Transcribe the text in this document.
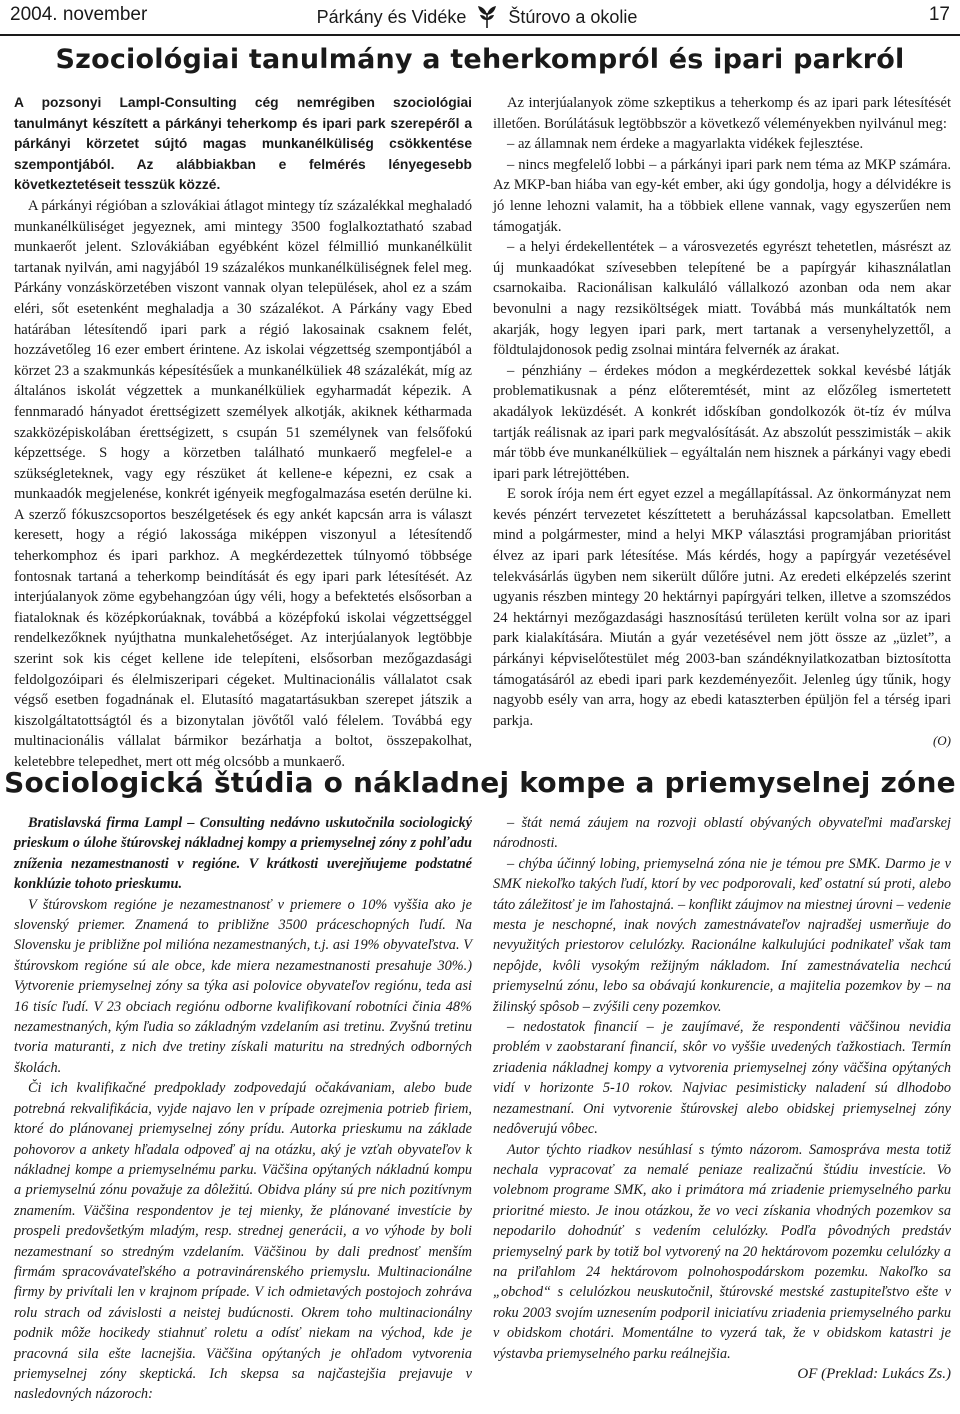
2004. november	Párkány és Vidéke Štúrovo a okolie	17
Szociológiai tanulmány a teherkompról és ipari parkról

A pozsonyi Lampl-Consulting cég nemrégiben szociológiai tanulmányt készített a párkányi teherkomp és ipari park szerepéről a párkányi körzetet sújtó magas munkanélküliség csökkentése szempontjából. Az alábbiakban e felmérés lényegesebb következtetéseit tesszük közzé.

A párkányi régióban a szlovákiai átlagot mintegy tíz százalékkal meghaladó munkanélküliséget jegyeznek, ami mintegy 3500 foglalkoztatható szabad munkaerőt jelent. Szlovákiában egyébként közel félmillió munkanélkülit tartanak nyilván, ami nagyjából 19 százalékos munkanélküliségnek felel meg. Párkány vonzáskörzetében viszont vannak olyan települések, ahol ez a szám eléri, sőt esetenként meghaladja a 30 százalékot. A Párkány vagy Ebed határában létesítendő ipari park a régió lakosainak csaknem felét, hozzávetőleg 16 ezer embert érintene. Az iskolai végzettség szempontjából a körzet 23 a szakmunkás képesítésűek a munkanélküliek 48 százalékát, míg az általános iskolát végzettek a munkanélküliek egyharmadát képezik. A fennmaradó hányadot érettségizett személyek alkotják, akiknek kétharmada szakközépiskolában érettségizett, s csupán 51 személynek van felsőfokú képzettsége. S hogy a körzetben található munkaerő megfelel-e a szükségleteknek, vagy egy részüket át kellene-e képezni, ez csak a munkaadók megjelenése, konkrét igényeik megfogalmazása esetén derülne ki. A szerző fókuszcsoportos beszélgetések és egy ankét kapcsán arra is választ keresett, hogy a régió lakossága miképpen viszonyul a létesítendő teherkomphoz és ipari parkhoz. A megkérdezettek túlnyomó többsége fontosnak tartaná a teherkomp beindítását és egy ipari park létesítését. Az interjúalanyok zöme egybehangzóan úgy véli, hogy a befektetés elsősorban a fiataloknak és középkorúaknak, továbbá a középfokú iskolai végzettséggel rendelkezőknek nyújthatna munkalehetőséget. Az interjúalanyok legtöbbje szerint sok kis céget kellene ide telepíteni, elsősorban mezőgazdasági feldolgozóipari és élelmiszeripari cégeket. Multinacionális vállalatot csak végső esetben fogadnának el. Elutasító magatartásukban szerepet játszik a kiszolgáltatottságtól és a bizonytalan jövőtől való félelem. Továbbá egy multinacionális vállalat bármikor bezárhatja a boltot, összepakolhat, keletebbre telepedhet, mert ott még olcsóbb a munkaerő.

Az interjúalanyok zöme szkeptikus a teherkomp és az ipari park létesítését illetően. Borúlátásuk legtöbbször a következő véleményekben nyilvánul meg:

– az államnak nem érdeke a magyarlakta vidékek fejlesztése.

– nincs megfelelő lobbi – a párkányi ipari park nem téma az MKP számára. Az MKP-ban hiába van egy-két ember, aki úgy gondolja, hogy a délvidékre is jó lenne lehozni valamit, ha a többiek ellene vannak, vagy egyszerűen nem támogatják.

– a helyi érdekellentétek – a városvezetés egyrészt tehetetlen, másrészt az új munkaadókat szívesebben telepítené be a papírgyár kihasználatlan csarnokaiba. Racionálisan kalkuláló vállalkozó azonban oda nem akar bevonulni a nagy rezsiköltségek miatt. Továbbá más munkáltatók nem akarják, hogy legyen ipari park, mert tartanak a versenyhelyzettől, a földtulajdonosok pedig zsolnai mintára felvernék az árakat.

– pénzhiány – érdekes módon a megkérdezettek sokkal kevésbé látják problematikusnak a pénz előteremtését, mint az előzőleg ismertetett akadályok leküzdését. A konkrét időskíban gondolkozók öt-tíz év múlva tartják reálisnak az ipari park megvalósítását. Az abszolút pesszimisták – akik már több éve munkanélküliek – egyáltalán nem hisznek a párkányi vagy ebedi ipari park létrejöttében.

E sorok írója nem ért egyet ezzel a megállapítással. Az önkormányzat nem kevés pénzért tervezetet készíttetett a beruházással kapcsolatban. Emellett mind a polgármester, mind a helyi MKP választási programjában prioritást élvez az ipari park létesítése. Más kérdés, hogy a papírgyár vezetésével telekvásárlás ügyben nem sikerült dűlőre jutni. Az eredeti elképzelés szerint ugyanis részben mintegy 20 hektárnyi papírgyári telken, illetve a szomszédos 24 hektárnyi mezőgazdasági hasznosítású területen került volna sor az ipari park kialakítására. Miután a gyár vezetésével nem jött össze az „üzlet”, a párkányi képviselőtestület még 2003-ban szándéknyilatkozatban biztosította támogatásáról az ebedi ipari park kezdeményezőit. Jelenleg úgy tűnik, hogy nagyobb esély van arra, hogy az ebedi kataszterben épüljön fel a térség ipari parkja.

(O)

Sociologická štúdia o nákladnej kompe a priemyselnej zóne

Bratislavská firma Lampl – Consulting nedávno uskutočnila sociologický prieskum o úlohe štúrovskej nákladnej kompy a priemyselnej zóny z pohľadu zníženia nezamestnanosti v regióne. V krátkosti uverejňujeme podstatné konklúzie tohoto prieskumu.

V štúrovskom regióne je nezamestnanosť v priemere o 10% vyššia ako je slovenský priemer. Znamená to približne 3500 práceschopných ľudí. Na Slovensku je približne pol milióna nezamestnaných, t.j. asi 19% obyvateľstva. V štúrovskom regióne sú ale obce, kde miera nezamestnanosti presahuje 30%.) Vytvorenie priemyselnej zóny sa týka asi polovice obyvateľov regiónu, teda asi 16 tisíc ľudí. V 23 obciach regiónu odborne kvalifikovaní robotníci činia 48% nezamestnaných, kým ľudia so základným vzdelaním asi tretinu. Zvyšnú tretinu tvoria maturanti, z nich dve tretiny získali maturitu na stredných odborných školách.

Či ich kvalifikačné predpoklady zodpovedajú očakávaniam, alebo bude potrebná rekvalifikácia, vyjde najavo len v prípade ozrejmenia potrieb firiem, ktoré do plánovanej priemyselnej zóny prídu. Autorka prieskumu na základe pohovorov a ankety hľadala odpoveď aj na otázku, aký je vzťah obyvateľov k nákladnej kompe a priemyselnému parku. Väčšina opýtaných nákladnú kompu a priemyselnú zónu považuje za dôležitú. Obidva plány sú pre nich pozitívnym znamením. Väčšina respondentov je tej mienky, že plánované investície by prospeli predovšetkým mladým, resp. strednej generácii, a vo výhode by boli nezamestnaní so stredným vzdelaním. Väčšinou by dali prednosť menším firmám spracovávateľského a potravinárenského priemyslu. Multinacionálne firmy by privítali len v krajnom prípade. V ich odmietavých postojoch zohráva rolu strach od závislosti a neistej budúcnosti. Okrem toho multinacionálny podnik môže hocikedy stiahnuť roletu a odísť niekam na východ, kde je pracovná sila ešte lacnejšia. Väčšina opýtaných je ohľadom vytvorenia priemyselnej zóny skeptická. Ich skepsa sa najčastejšia prejavuje v nasledovných názoroch:

– štát nemá záujem na rozvoji oblastí obývaných obyvateľmi maďarskej národnosti.

– chýba účinný lobing, priemyselná zóna nie je témou pre SMK. Darmo je v SMK niekoľko takých ľudí, ktorí by vec podporovali, keď ostatní sú proti, alebo táto záležitosť je im ľahostajná. – konflikt záujmov na miestnej úrovni – vedenie mesta je neschopné, inak nových zamestnávateľov najradšej usmerňuje do nevyužitých priestorov celulózky. Racionálne kalkulujúci podnikateľ však tam nepôjde, kvôli vysokým režijným nákladom. Iní zamestnávatelia nechcú priemyselnú zónu, lebo sa obávajú konkurencie, a majitelia pozemkov by – na žilinský spôsob – zvýšili ceny pozemkov.

– nedostatok financií – je zaujímavé, že respondenti väčšinou nevidia problém v zaobstaraní financií, skôr vo vyššie uvedených ťažkostiach. Termín zriadenia nákladnej kompy a vytvorenia priemyselnej zóny väčšina opýtaných vidí v horizonte 5-10 rokov. Najviac pesimisticky naladení sú dlhodobo nezamestnaní. Oni vytvorenie štúrovskej alebo obidskej priemyselnej zóny nedôverujú vôbec.

Autor týchto riadkov nesúhlasí s týmto názorom. Samospráva mesta totiž nechala vypracovať za nemalé peniaze realizačnú štúdiu investície. Vo volebnom programe SMK, ako i primátora má zriadenie priemyselného parku prioritné miesto. Je inou otázkou, že vo veci získania vhodných pozemkov sa nepodarilo dohodnúť s vedením celulózky. Podľa pôvodných predstáv priemyselný park by totiž bol vytvorený na 20 hektárovom pozemku celulózky a na priľahlom 24 hektárovom polnohospodárskom pozemku. Nakoľko sa „obchod“ s celulózkou neuskutočnil, štúrovské mestské zastupiteľstvo ešte v roku 2003 svojím uznesením podporil iniciatívu zriadenia priemyselného parku v obidskom chotári. Momentálne to vyzerá tak, že v obidskom katastri je výstavba priemyselného parku reálnejšia.

OF (Preklad: Lukács Zs.)
